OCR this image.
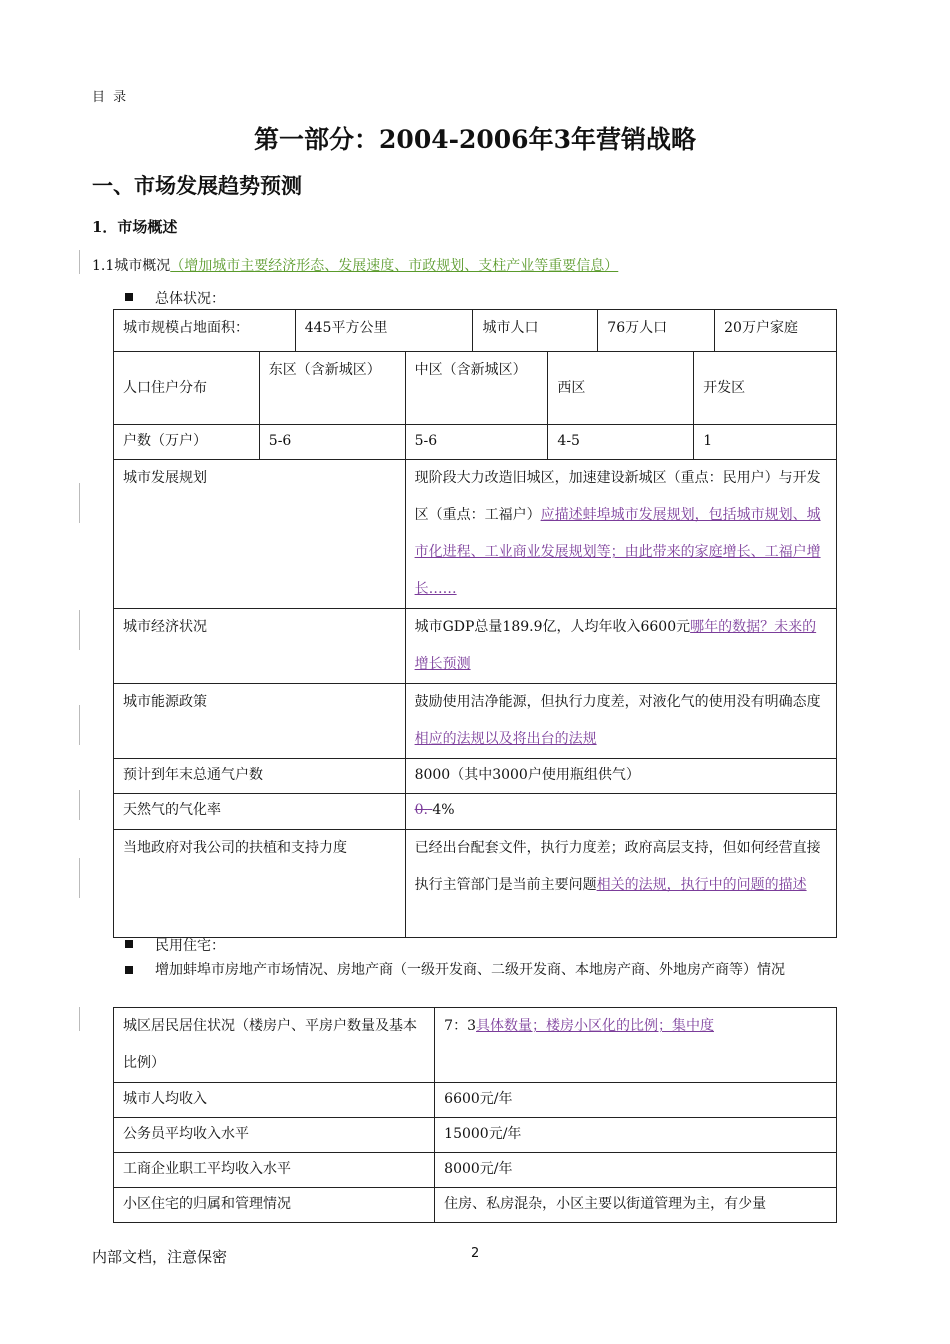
目 录
第一部分：2004-2006年3年营销战略
一、市场发展趋势预测
1．市场概述
1.1城市概况（增加城市主要经济形态、发展速度、市政规划、支柱产业等重要信息）
总体状况：
城市规模占地面积：	445平方公里	城市人口	76万人口	20万户家庭
人口住户分布	东区（含新城区）	中区（含新城区）	西区	开发区
户数（万户）	5-6	5-6	4-5	1
城市发展规划	现阶段大力改造旧城区，加速建设新城区（重点：民用户）与开发区（重点：工福户）应描述蚌埠城市发展规划，包括城市规划、城市化进程、工业商业发展规划等；由此带来的家庭增长、工福户增长……
城市经济状况	城市GDP总量189.9亿，人均年收入6600元哪年的数据？未来的增长预测
城市能源政策	鼓励使用洁净能源，但执行力度差，对液化气的使用没有明确态度相应的法规以及将出台的法规
预计到年末总通气户数	8000（其中3000户使用瓶组供气）
天然气的气化率	0. 4%
当地政府对我公司的扶植和支持力度	已经出台配套文件，执行力度差；政府高层支持，但如何经营直接执行主管部门是当前主要问题相关的法规，执行中的问题的描述
民用住宅：
增加蚌埠市房地产市场情况、房地产商（一级开发商、二级开发商、本地房产商、外地房产商等）情况
城区居民居住状况（楼房户、平房户数量及基本比例）	7：3具体数量；楼房小区化的比例；集中度
城市人均收入	6600元/年
公务员平均收入水平	15000元/年
工商企业职工平均收入水平	8000元/年
小区住宅的归属和管理情况	住房、私房混杂，小区主要以街道管理为主，有少量
内部文档，注意保密	2
